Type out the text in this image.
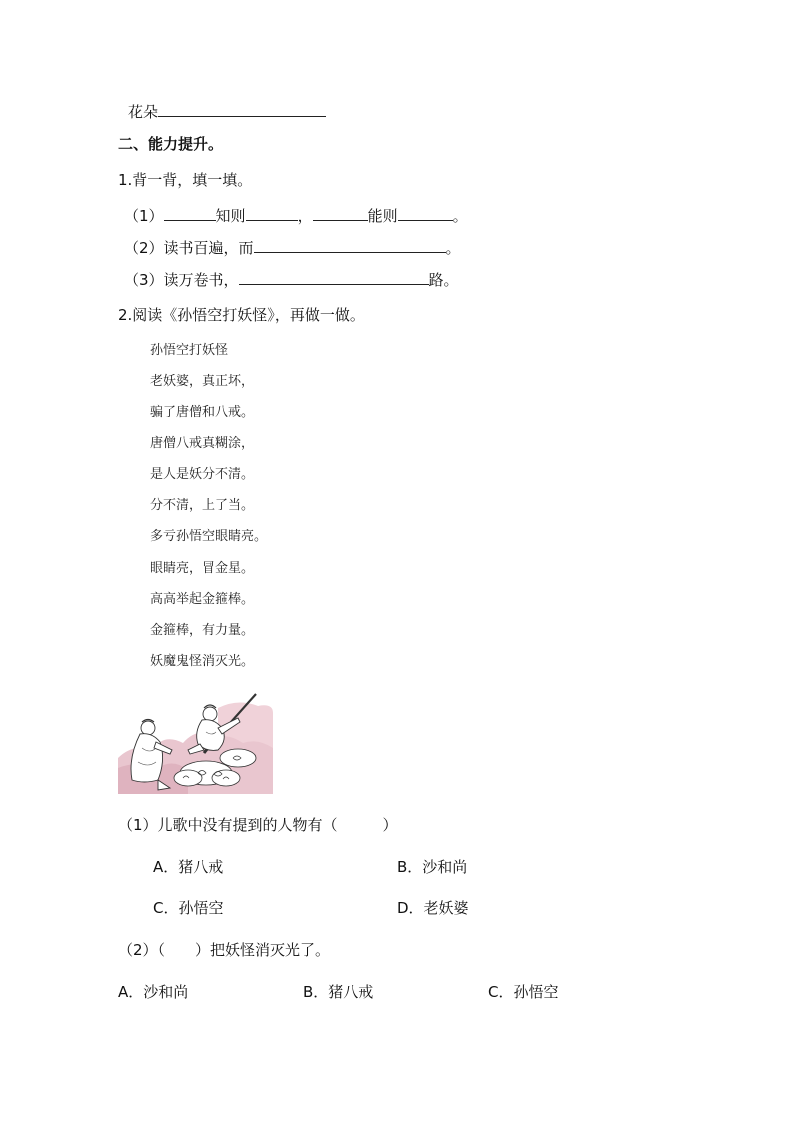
花朵
二、能力提升。
1.背一背，填一填。
（1）	知则	，	能则	。
（2）读书百遍，而	。
（3）读万卷书，	路。
2.阅读《孙悟空打妖怪》，再做一做。
孙悟空打妖怪
老妖婆，真正坏，
骗了唐僧和八戒。
唐僧八戒真糊涂，
是人是妖分不清。
分不清，上了当。
多亏孙悟空眼睛亮。
眼睛亮，冒金星。
高高举起金箍棒。
金箍棒，有力量。
妖魔鬼怪消灭光。
（1）儿歌中没有提到的人物有（　　　）
A．猪八戒	B．沙和尚
C．孙悟空	D．老妖婆
（2）（　　）把妖怪消灭光了。
A．沙和尚	B．猪八戒	C．孙悟空
